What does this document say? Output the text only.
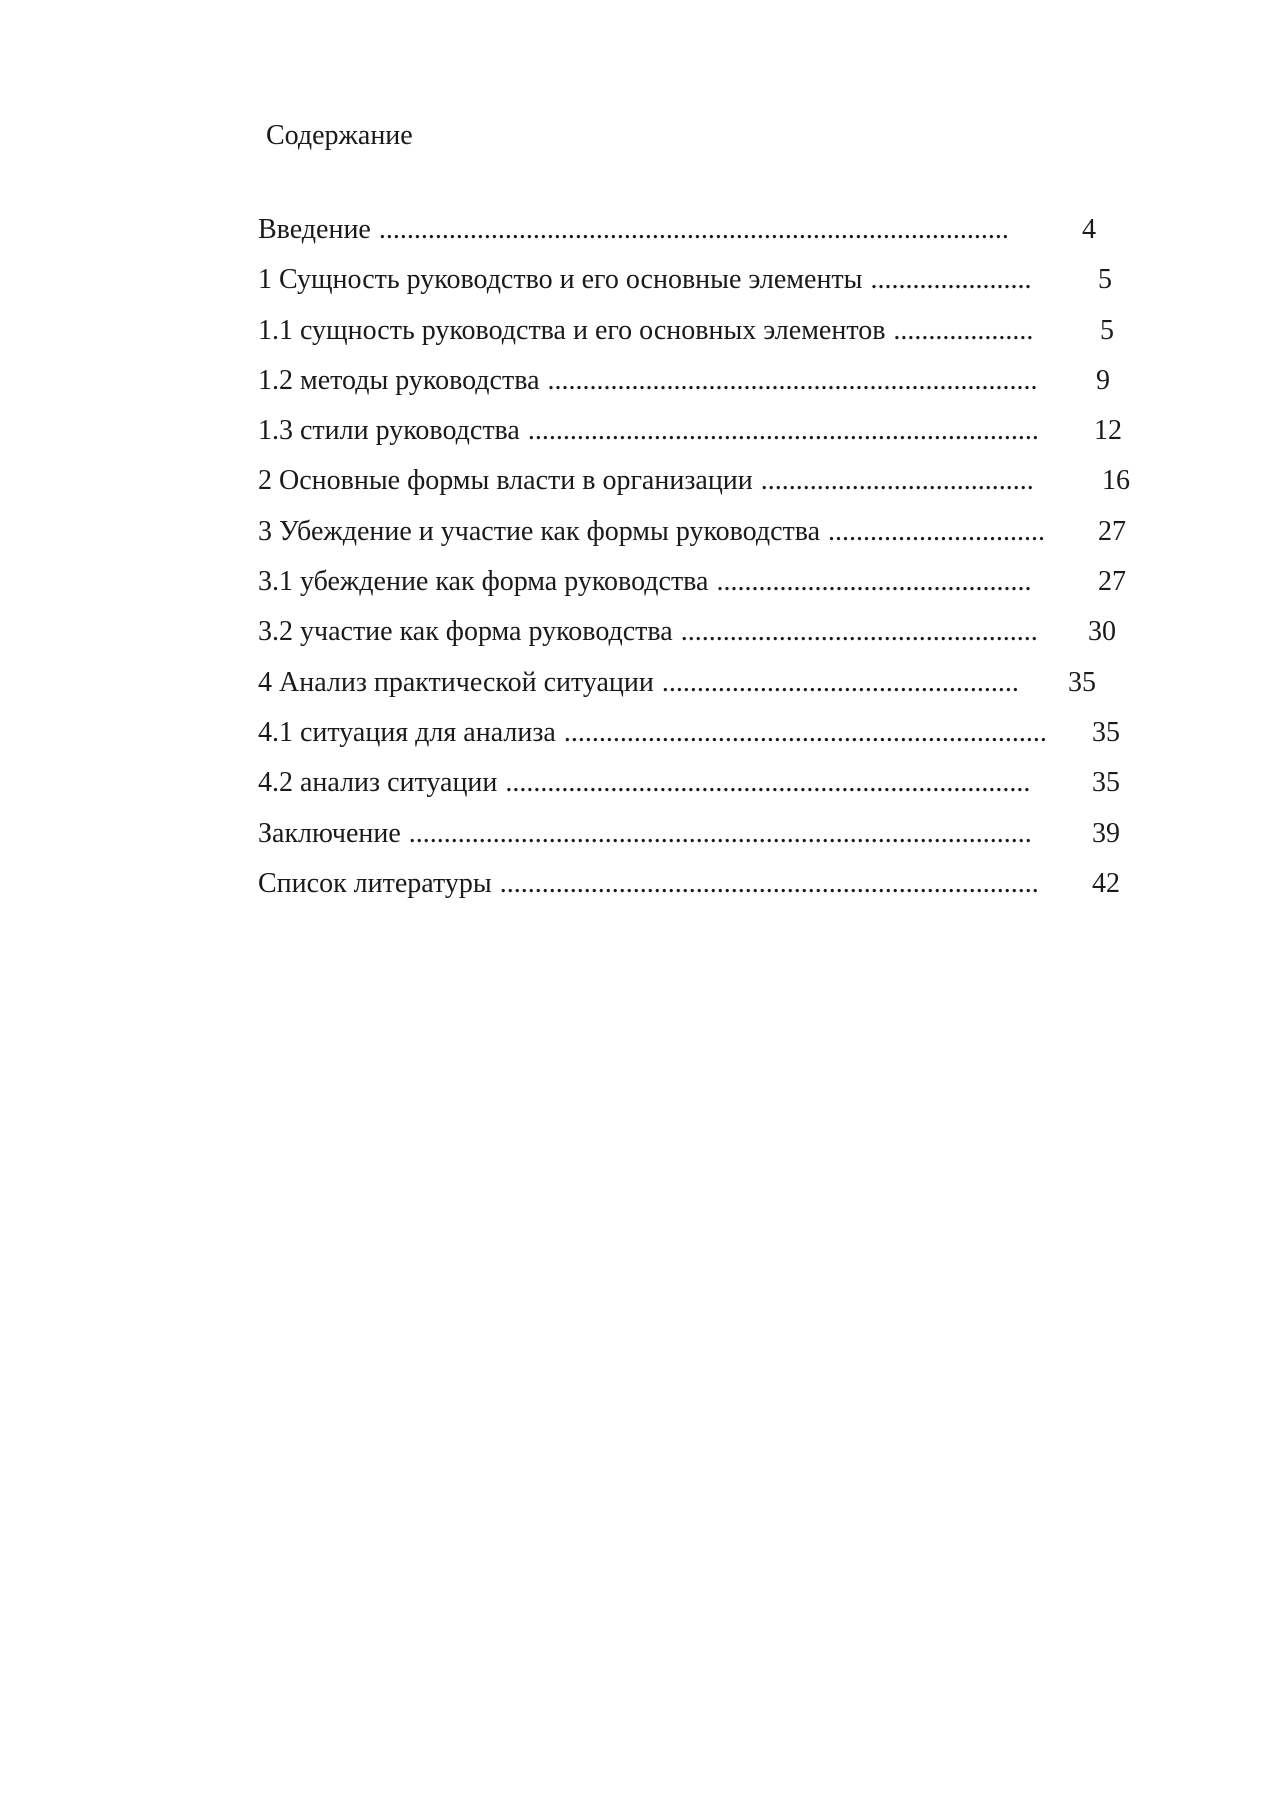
Содержание
Введение ..........................................................................................	4
1 Сущность руководство и его основные элементы .......................	5
1.1 сущность руководства и его основных элементов ....................	5
1.2 методы руководства ......................................................................	9
1.3 стили руководства .........................................................................	12
2 Основные формы власти в организации .......................................	16
3 Убеждение и участие как формы руководства ...............................	27
3.1 убеждение как форма руководства .............................................	27
3.2 участие как форма руководства ...................................................	30
4 Анализ практической ситуации ...................................................	35
4.1 ситуация для анализа .....................................................................	35
4.2 анализ ситуации ...........................................................................	35
Заключение .........................................................................................	39
Список литературы .............................................................................	42
